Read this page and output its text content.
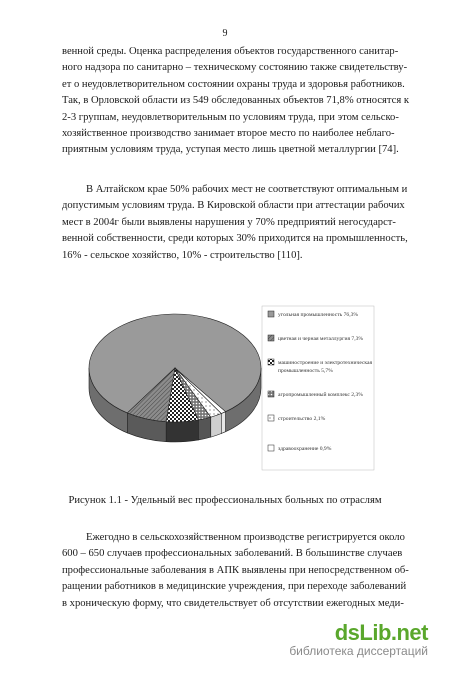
9
венной среды. Оценка распределения объектов государственного санитар-
ного надзора по санитарно – техническому состоянию также свидетельству-
ет о неудовлетворительном состоянии охраны труда и здоровья работников.
Так, в Орловской области из 549 обследованных объектов 71,8% относятся к
2-3 группам, неудовлетворительным по условиям труда, при этом сельско-
хозяйственное производство занимает второе место по наиболее неблаго-
приятным условиям труда, уступая место лишь цветной металлургии [74].
В Алтайском крае 50% рабочих мест не соответствуют оптимальным и
допустимым условиям труда. В Кировской области при аттестации рабочих
мест в 2004г были выявлены нарушения у 70% предприятий негосударст-
венной собственности, среди которых 30% приходится на промышленность,
16% - сельское хозяйство, 10% - строительство [110].
угольная промышленность 76,3%
цветная и черная металлургия 7,3%
машиностроение и электротехническая
промышленность 5,7%
агропромышленный комплекс 2,3%
строительство 2,1%
здравоохранение 0,9%
Рисунок 1.1 - Удельный вес профессиональных больных по отраслям
Ежегодно в сельскохозяйственном производстве регистрируется около
600 – 650 случаев профессиональных заболеваний. В большинстве случаев
профессиональные заболевания в АПК выявлены при непосредственном об-
ращении работников в медицинские учреждения, при переходе заболеваний
в хроническую форму, что свидетельствует об отсутствии ежегодных меди-
dsLib.net
библиотека диссертаций
